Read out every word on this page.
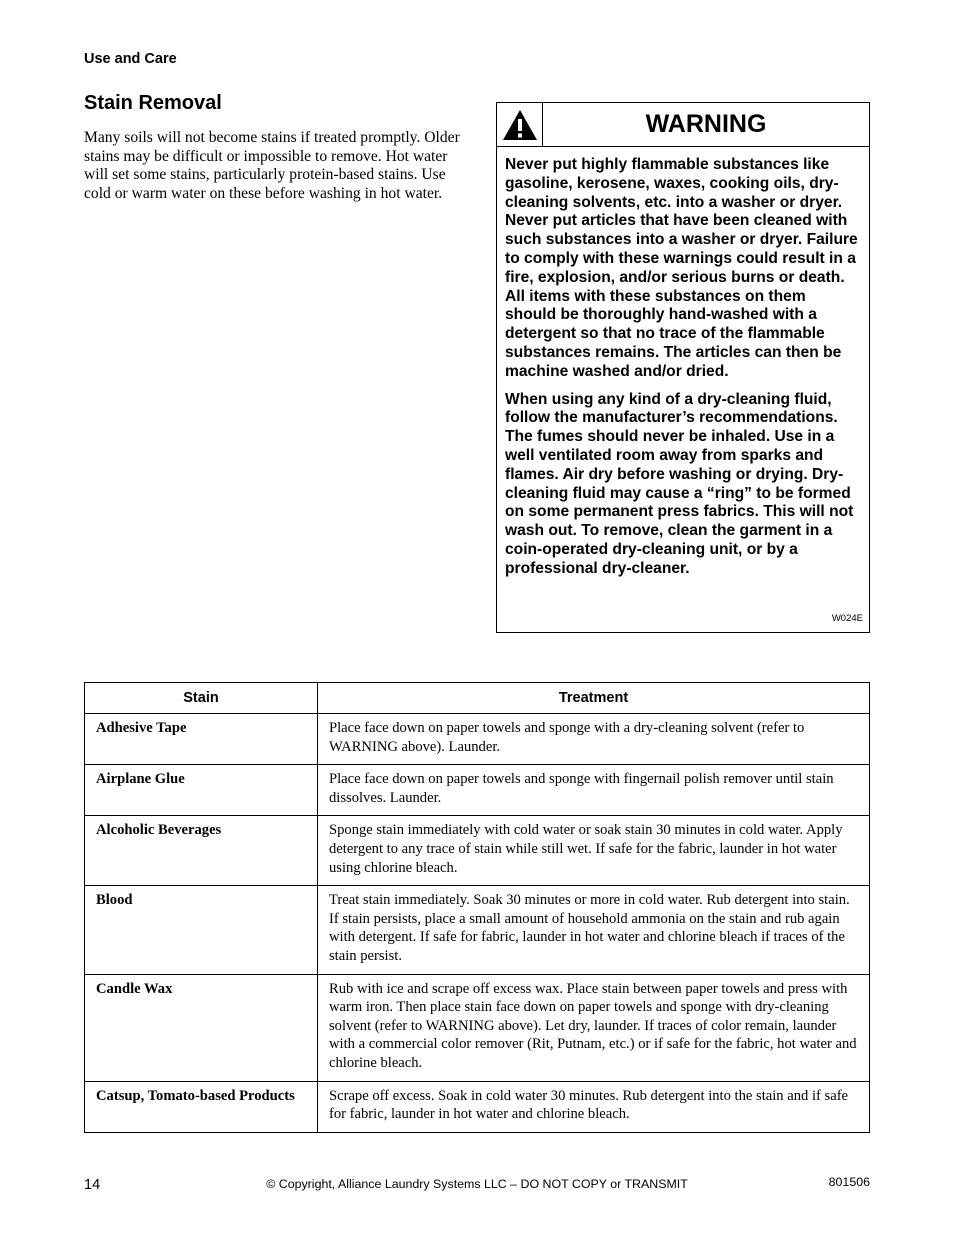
Use and Care
Stain Removal

Many soils will not become stains if treated promptly. Older stains may be difficult or impossible to remove. Hot water will set some stains, particularly protein-based stains. Use cold or warm water on these before washing in hot water.

WARNING

Never put highly flammable substances like gasoline, kerosene, waxes, cooking oils, dry-cleaning solvents, etc. into a washer or dryer. Never put articles that have been cleaned with such substances into a washer or dryer. Failure to comply with these warnings could result in a fire, explosion, and/or serious burns or death. All items with these substances on them should be thoroughly hand-washed with a detergent so that no trace of the flammable substances remains. The articles can then be machine washed and/or dried.

When using any kind of a dry-cleaning fluid, follow the manufacturer’s recommendations. The fumes should never be inhaled. Use in a well ventilated room away from sparks and flames. Air dry before washing or drying. Dry-cleaning fluid may cause a “ring” to be formed on some permanent press fabrics. This will not wash out. To remove, clean the garment in a coin-operated dry-cleaning unit, or by a professional dry-cleaner.

W024E
Stain	Treatment
Adhesive Tape	Place face down on paper towels and sponge with a dry-cleaning solvent (refer to WARNING above). Launder.
Airplane Glue	Place face down on paper towels and sponge with fingernail polish remover until stain dissolves. Launder.
Alcoholic Beverages	Sponge stain immediately with cold water or soak stain 30 minutes in cold water. Apply detergent to any trace of stain while still wet. If safe for the fabric, launder in hot water using chlorine bleach.
Blood	Treat stain immediately. Soak 30 minutes or more in cold water. Rub detergent into stain. If stain persists, place a small amount of household ammonia on the stain and rub again with detergent. If safe for fabric, launder in hot water and chlorine bleach if traces of the stain persist.
Candle Wax	Rub with ice and scrape off excess wax. Place stain between paper towels and press with warm iron. Then place stain face down on paper towels and sponge with dry-cleaning solvent (refer to WARNING above). Let dry, launder. If traces of color remain, launder with a commercial color remover (Rit, Putnam, etc.) or if safe for the fabric, hot water and chlorine bleach.
Catsup, Tomato-based Products	Scrape off excess. Soak in cold water 30 minutes. Rub detergent into the stain and if safe for fabric, launder in hot water and chlorine bleach.
14	© Copyright, Alliance Laundry Systems LLC – DO NOT COPY or TRANSMIT	801506
